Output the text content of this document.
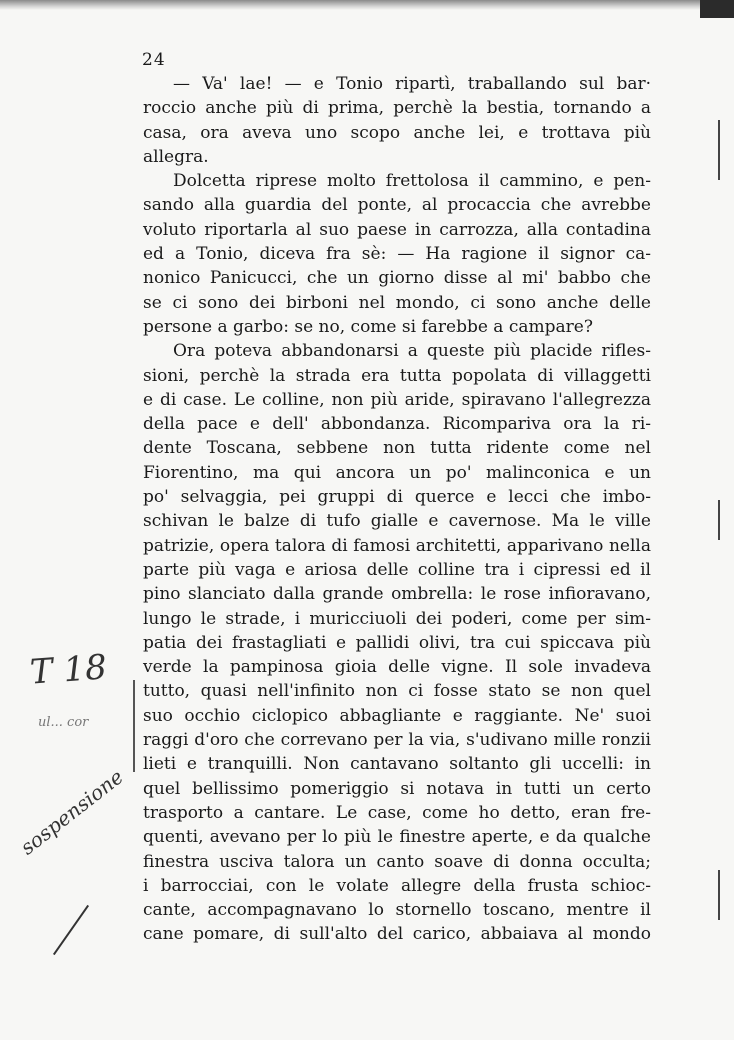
24
— Va' lae! — e Tonio ripartì, traballando sul bar·
roccio anche più di prima, perchè la bestia, tornando a
casa, ora aveva uno scopo anche lei, e trottava più
allegra.
Dolcetta riprese molto frettolosa il cammino, e pen-
sando alla guardia del ponte, al procaccia che avrebbe
voluto riportarla al suo paese in carrozza, alla contadina
ed a Tonio, diceva fra sè: — Ha ragione il signor ca-
nonico Panicucci, che un giorno disse al mi' babbo che
se ci sono dei birboni nel mondo, ci sono anche delle
persone a garbo: se no, come si farebbe a campare?
Ora poteva abbandonarsi a queste più placide rifles-
sioni, perchè la strada era tutta popolata di villaggetti
e di case. Le colline, non più aride, spiravano l'allegrezza
della pace e dell' abbondanza. Ricompariva ora la ri-
dente Toscana, sebbene non tutta ridente come nel
Fiorentino, ma qui ancora un po' malinconica e un
po' selvaggia, pei gruppi di querce e lecci che imbo-
schivan le balze di tufo gialle e cavernose. Ma le ville
patrizie, opera talora di famosi architetti, apparivano nella
parte più vaga e ariosa delle colline tra i cipressi ed il
pino slanciato dalla grande ombrella: le rose infioravano,
lungo le strade, i muricciuoli dei poderi, come per sim-
patia dei frastagliati e pallidi olivi, tra cui spiccava più
verde la pampinosa gioia delle vigne. Il sole invadeva
tutto, quasi nell'infinito non ci fosse stato se non quel
suo occhio ciclopico abbagliante e raggiante. Ne' suoi
raggi d'oro che correvano per la via, s'udivano mille ronzii
lieti e tranquilli. Non cantavano soltanto gli uccelli: in
quel bellissimo pomeriggio si notava in tutti un certo
trasporto a cantare. Le case, come ho detto, eran fre-
quenti, avevano per lo più le finestre aperte, e da qualche
finestra usciva talora un canto soave di donna occulta;
i barrocciai, con le volate allegre della frusta schioc-
cante, accompagnavano lo stornello toscano, mentre il
cane pomare, di sull'alto del carico, abbaiava al mondo
T 18
ul... cor
sospensione
